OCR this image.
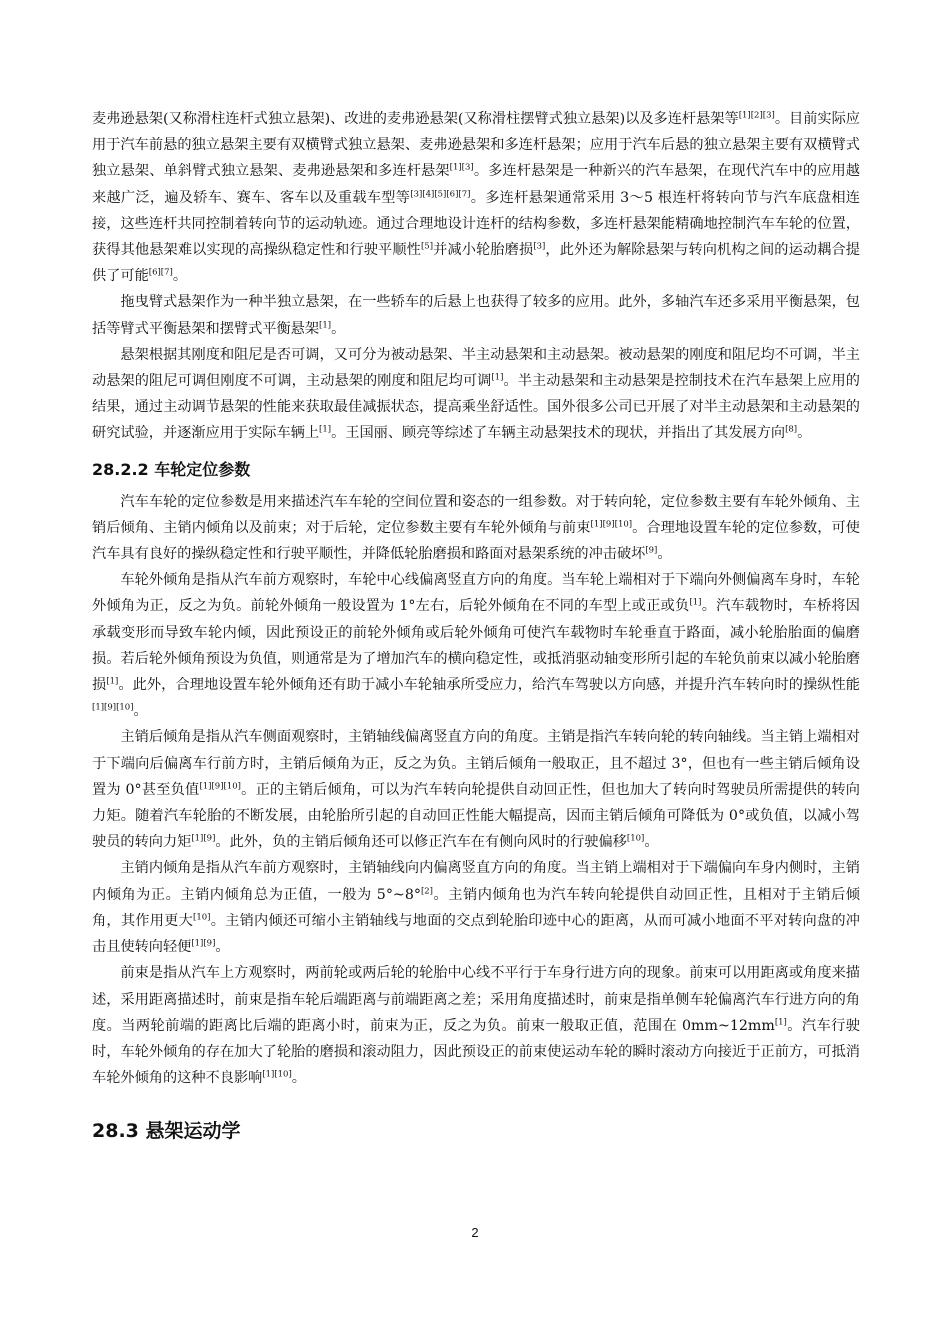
麦弗逊悬架(又称滑柱连杆式独立悬架)、改进的麦弗逊悬架(又称滑柱摆臂式独立悬架)以及多连杆悬架等[1][2][3]。目前实际应用于汽车前悬的独立悬架主要有双横臂式独立悬架、麦弗逊悬架和多连杆悬架；应用于汽车后悬的独立悬架主要有双横臂式独立悬架、单斜臂式独立悬架、麦弗逊悬架和多连杆悬架[1][3]。多连杆悬架是一种新兴的汽车悬架，在现代汽车中的应用越来越广泛，遍及轿车、赛车、客车以及重载车型等[3][4][5][6][7]。多连杆悬架通常采用 3～5 根连杆将转向节与汽车底盘相连接，这些连杆共同控制着转向节的运动轨迹。通过合理地设计连杆的结构参数，多连杆悬架能精确地控制汽车车轮的位置，获得其他悬架难以实现的高操纵稳定性和行驶平顺性[5]并减小轮胎磨损[3]，此外还为解除悬架与转向机构之间的运动耦合提供了可能[6][7]。

拖曳臂式悬架作为一种半独立悬架，在一些轿车的后悬上也获得了较多的应用。此外，多轴汽车还多采用平衡悬架，包括等臂式平衡悬架和摆臂式平衡悬架[1]。

悬架根据其刚度和阻尼是否可调，又可分为被动悬架、半主动悬架和主动悬架。被动悬架的刚度和阻尼均不可调，半主动悬架的阻尼可调但刚度不可调，主动悬架的刚度和阻尼均可调[1]。半主动悬架和主动悬架是控制技术在汽车悬架上应用的结果，通过主动调节悬架的性能来获取最佳减振状态，提高乘坐舒适性。国外很多公司已开展了对半主动悬架和主动悬架的研究试验，并逐渐应用于实际车辆上[1]。王国丽、顾亮等综述了车辆主动悬架技术的现状，并指出了其发展方向[8]。

28.2.2 车轮定位参数

汽车车轮的定位参数是用来描述汽车车轮的空间位置和姿态的一组参数。对于转向轮，定位参数主要有车轮外倾角、主销后倾角、主销内倾角以及前束；对于后轮，定位参数主要有车轮外倾角与前束[1][9][10]。合理地设置车轮的定位参数，可使汽车具有良好的操纵稳定性和行驶平顺性，并降低轮胎磨损和路面对悬架系统的冲击破坏[9]。

车轮外倾角是指从汽车前方观察时，车轮中心线偏离竖直方向的角度。当车轮上端相对于下端向外侧偏离车身时，车轮外倾角为正，反之为负。前轮外倾角一般设置为 1°左右，后轮外倾角在不同的车型上或正或负[1]。汽车载物时，车桥将因承载变形而导致车轮内倾，因此预设正的前轮外倾角或后轮外倾角可使汽车载物时车轮垂直于路面，减小轮胎胎面的偏磨损。若后轮外倾角预设为负值，则通常是为了增加汽车的横向稳定性，或抵消驱动轴变形所引起的车轮负前束以减小轮胎磨损[1]。此外，合理地设置车轮外倾角还有助于减小车轮轴承所受应力，给汽车驾驶以方向感，并提升汽车转向时的操纵性能[1][9][10]。

主销后倾角是指从汽车侧面观察时，主销轴线偏离竖直方向的角度。主销是指汽车转向轮的转向轴线。当主销上端相对于下端向后偏离车行前方时，主销后倾角为正，反之为负。主销后倾角一般取正，且不超过 3°，但也有一些主销后倾角设置为 0°甚至负值[1][9][10]。正的主销后倾角，可以为汽车转向轮提供自动回正性，但也加大了转向时驾驶员所需提供的转向力矩。随着汽车轮胎的不断发展，由轮胎所引起的自动回正性能大幅提高，因而主销后倾角可降低为 0°或负值，以减小驾驶员的转向力矩[1][9]。此外，负的主销后倾角还可以修正汽车在有侧向风时的行驶偏移[10]。

主销内倾角是指从汽车前方观察时，主销轴线向内偏离竖直方向的角度。当主销上端相对于下端偏向车身内侧时，主销内倾角为正。主销内倾角总为正值，一般为 5°~8°[2]。主销内倾角也为汽车转向轮提供自动回正性，且相对于主销后倾角，其作用更大[10]。主销内倾还可缩小主销轴线与地面的交点到轮胎印迹中心的距离，从而可减小地面不平对转向盘的冲击且使转向轻便[1][9]。

前束是指从汽车上方观察时，两前轮或两后轮的轮胎中心线不平行于车身行进方向的现象。前束可以用距离或角度来描述，采用距离描述时，前束是指车轮后端距离与前端距离之差；采用角度描述时，前束是指单侧车轮偏离汽车行进方向的角度。当两轮前端的距离比后端的距离小时，前束为正，反之为负。前束一般取正值，范围在 0mm~12mm[1]。汽车行驶时，车轮外倾角的存在加大了轮胎的磨损和滚动阻力，因此预设正的前束使运动车轮的瞬时滚动方向接近于正前方，可抵消车轮外倾角的这种不良影响[1][10]。

28.3 悬架运动学
2
